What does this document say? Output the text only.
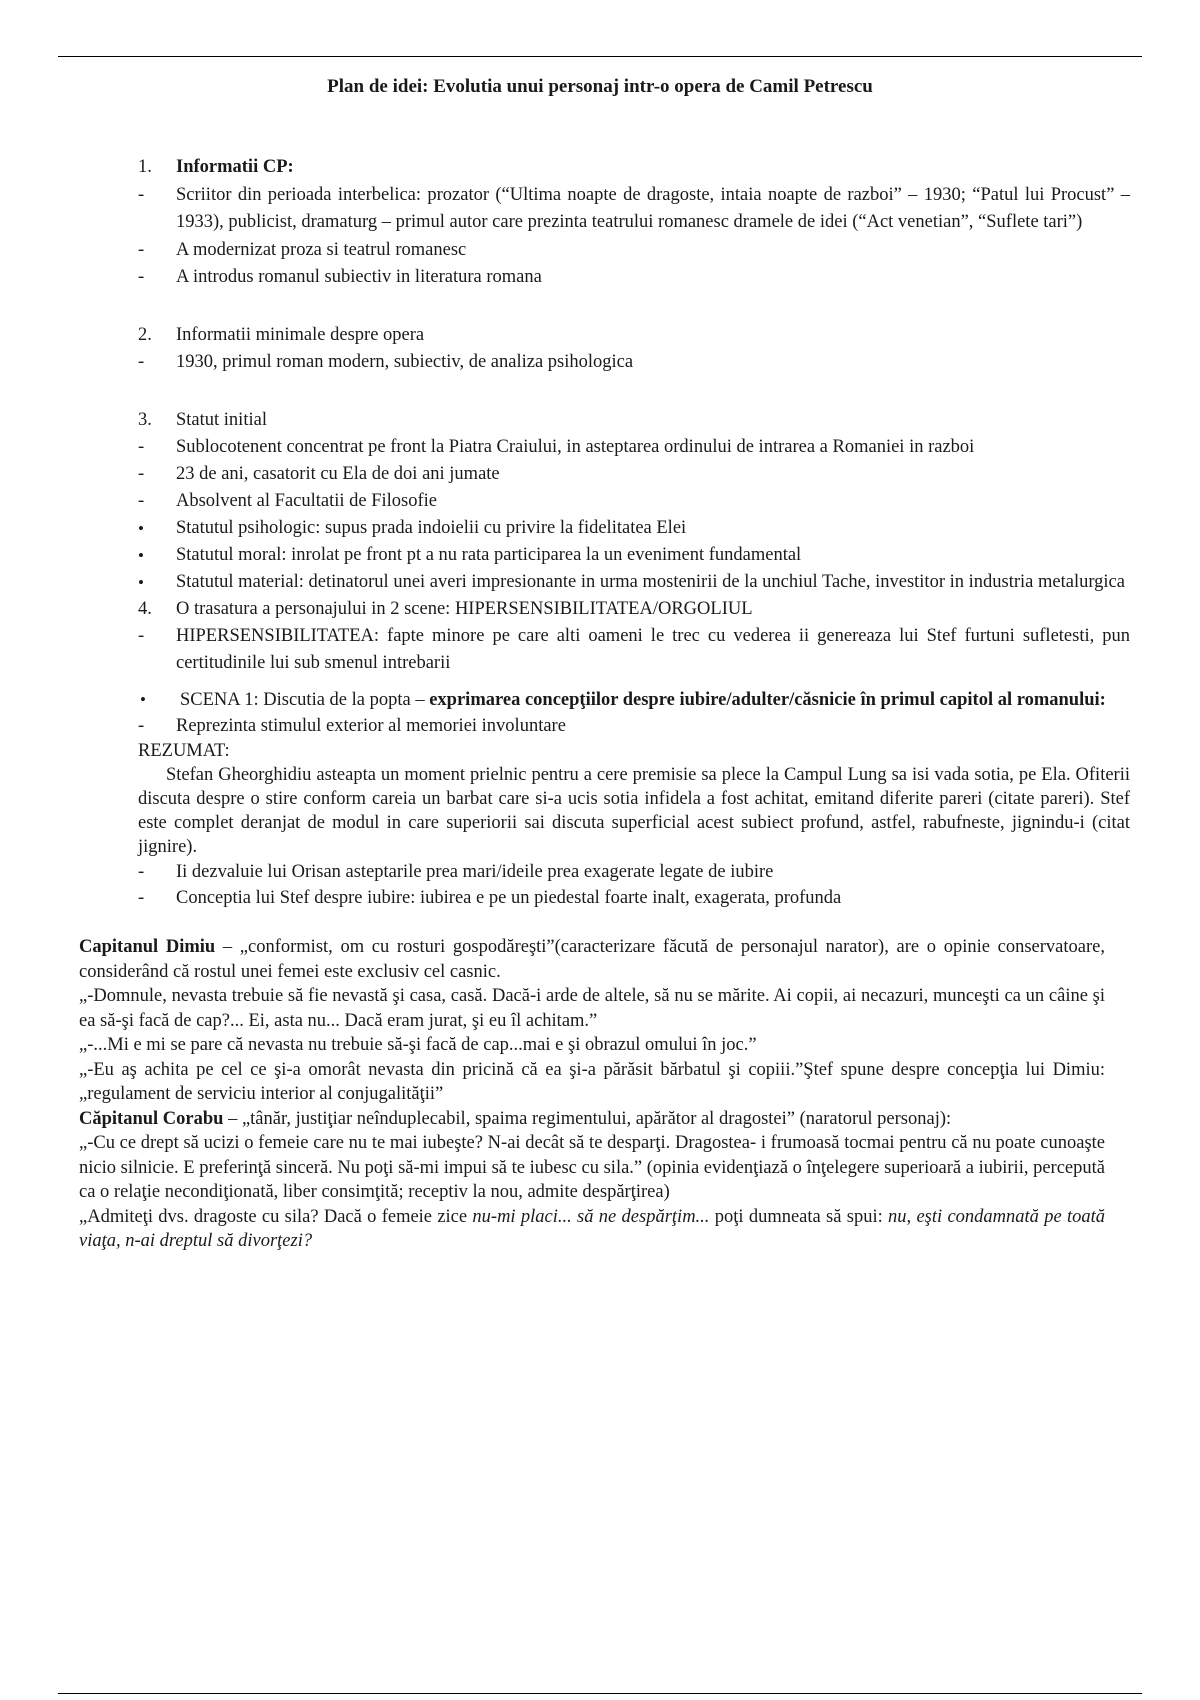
Plan de idei: Evolutia unui personaj intr-o opera de Camil Petrescu
1. Informatii CP:
- Scriitor din perioada interbelica: prozator (“Ultima noapte de dragoste, intaia noapte de razboi” – 1930; “Patul lui Procust” – 1933), publicist, dramaturg – primul autor care prezinta teatrului romanesc dramele de idei (“Act venetian”, “Suflete tari”)
- A modernizat proza si teatrul romanesc
- A introdus romanul subiectiv in literatura romana
2. Informatii minimale despre opera
- 1930, primul roman modern, subiectiv, de analiza psihologica
3. Statut initial
- Sublocotenent concentrat pe front la Piatra Craiului, in asteptarea ordinului de intrarea a Romaniei in razboi
- 23 de ani, casatorit cu Ela de doi ani jumate
- Absolvent al Facultatii de Filosofie
• Statutul psihologic: supus prada indoielii cu privire la fidelitatea Elei
• Statutul moral: inrolat pe front pt a nu rata participarea la un eveniment fundamental
• Statutul material: detinatorul unei averi impresionante in urma mostenirii de la unchiul Tache, investitor in industria metalurgica
4. O trasatura a personajului in 2 scene: HIPERSENSIBILITATEA/ORGOLIUL
- HIPERSENSIBILITATEA: fapte minore pe care alti oameni le trec cu vederea ii genereaza lui Stef furtuni sufletesti, pun certitudinile lui sub smenul intrebarii
• SCENA 1: Discutia de la popta – exprimarea concepţiilor despre iubire/adulter/căsnicie în primul capitol al romanului:
- Reprezinta stimulul exterior al memoriei involuntare
REZUMAT:
Stefan Gheorghidiu asteapta un moment prielnic pentru a cere premisie sa plece la Campul Lung sa isi vada sotia, pe Ela. Ofiterii discuta despre o stire conform careia un barbat care si-a ucis sotia infidela a fost achitat, emitand diferite pareri (citate pareri). Stef este complet deranjat de modul in care superiorii sai discuta superficial acest subiect profund, astfel, rabufneste, jignindu-i (citat jignire).
- Ii dezvaluie lui Orisan asteptarile prea mari/ideile prea exagerate legate de iubire
- Conceptia lui Stef despre iubire: iubirea e pe un piedestal foarte inalt, exagerata, profunda
Capitanul Dimiu – „conformist, om cu rosturi gospodăreşti”(caracterizare făcută de personajul narator), are o opinie conservatoare, considerând că rostul unei femei este exclusiv cel casnic.
„-Domnule, nevasta trebuie să fie nevastă şi casa, casă. Dacă-i arde de altele, să nu se mărite. Ai copii, ai necazuri, munceşti ca un câine şi ea să-şi facă de cap?... Ei, asta nu... Dacă eram jurat, şi eu îl achitam.”
„-...Mi e mi se pare că nevasta nu trebuie să-şi facă de cap...mai e şi obrazul omului în joc.”
„-Eu aş achita pe cel ce şi-a omorât nevasta din pricină că ea şi-a părăsit bărbatul şi copiii.”Ştef spune despre concepţia lui Dimiu: „regulament de serviciu interior al conjugalităţii”
Căpitanul Corabu – „tânăr, justiţiar neînduplecabil, spaima regimentului, apărător al dragostei” (naratorul personaj):
„-Cu ce drept să ucizi o femeie care nu te mai iubeşte? N-ai decât să te desparţi. Dragostea- i frumoasă tocmai pentru că nu poate cunoaşte nicio silnicie. E preferinţă sinceră. Nu poţi să-mi impui să te iubesc cu sila.” (opinia evidenţiază o înţelegere superioară a iubirii, percepută ca o relaţie necondiţionată, liber consimţită; receptiv la nou, admite despărţirea)
„Admiteţi dvs. dragoste cu sila? Dacă o femeie zice nu-mi placi... să ne despărţim... poţi dumneata să spui: nu, eşti condamnată pe toată viaţa, n-ai dreptul să divorţezi?
